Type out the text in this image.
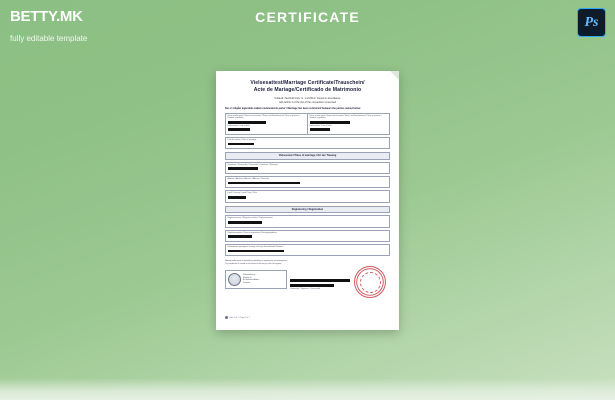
BETTY.MK
fully editable template
CERTIFICATE	Ps
Vielsesattest/Marriage Certificate/Trauschein/
Acte de Mariage/Certificado de Matrimonio
Udstedt i henhold til lov nr. 1 af 2013 / Issued in accordance
with article 1 of the Act of the convention concerned
Der er indgået ægteskab mellem nedennævnte parter / Marriage has been contracted between the parties named below:
Navn og efternavn / Name and surname / Name und Familienname / Nom et prénom / Nombre y apellidos
Fødselsdato / Date of birth
Navn og efternavn / Name and surname / Name und Familienname / Nom et prénom / Nombre y apellidos
Fødselsdato / Date of birth
Dato for vielsen / Date of marriage
Vielsessted / Place of marriage / Ort der Trauung
Kommune / Municipality / Gemeinde / Commune / Municipio
Adresse / Address / Adresse / Adresse / Dirección
Land / Country / Land / Pays / País
Registrering / Registration
Registernummer / Register number / Registernummer
Registreringsdato / Date of registration / Eintragungsdatum
Udstedende myndighed / Issuing authority / Ausstellende Behörde
Nærværende attest er udstedt på grundlag af registrering i personregistret.
This certificate is issued on the basis of the entry in the civil register.
Kirkeministeriet
Ministry of
Ecclesiastical Affairs
Denmark
Underskrift / Signature / Unterschrift
Side 1 af 1 / Page 1 of 1
